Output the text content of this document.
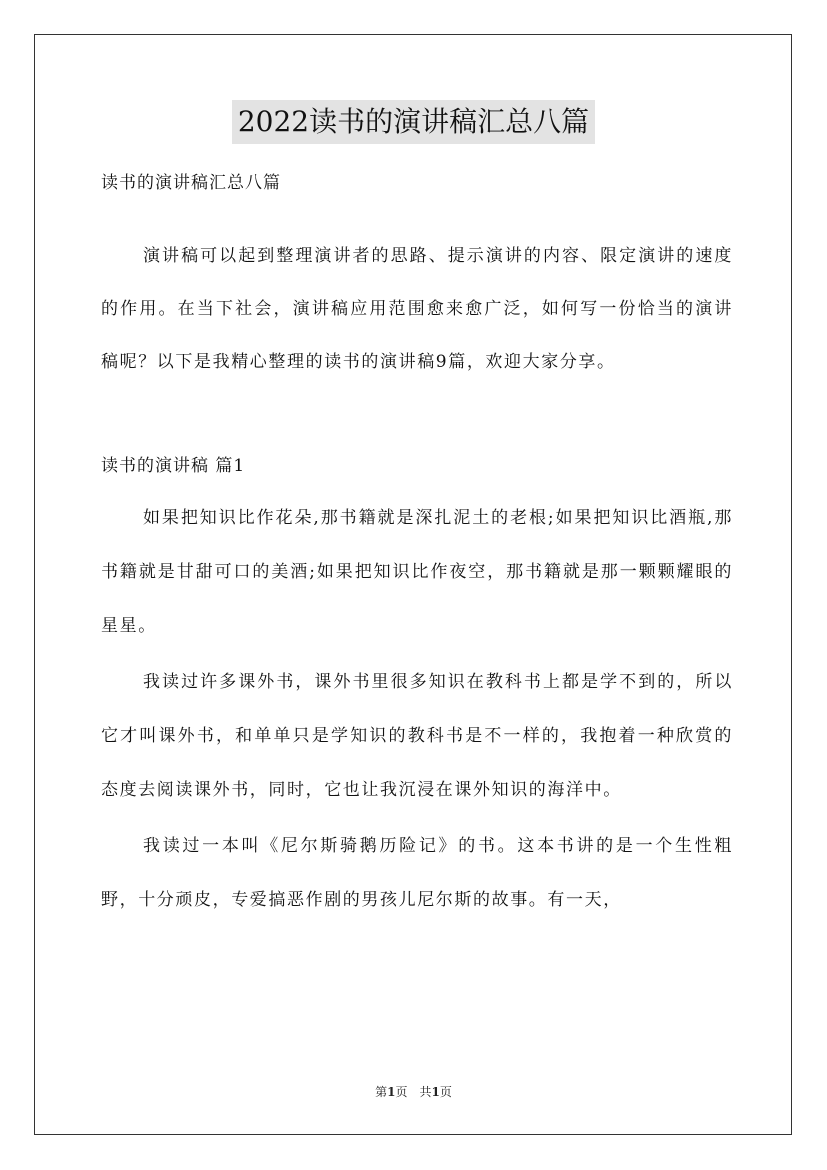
2022读书的演讲稿汇总八篇
读书的演讲稿汇总八篇

演讲稿可以起到整理演讲者的思路、提示演讲的内容、限定演讲的速度的作用。在当下社会，演讲稿应用范围愈来愈广泛，如何写一份恰当的演讲稿呢？以下是我精心整理的读书的演讲稿9篇，欢迎大家分享。

读书的演讲稿 篇1

如果把知识比作花朵,那书籍就是深扎泥土的老根;如果把知识比酒瓶,那书籍就是甘甜可口的美酒;如果把知识比作夜空，那书籍就是那一颗颗耀眼的星星。

我读过许多课外书，课外书里很多知识在教科书上都是学不到的，所以它才叫课外书，和单单只是学知识的教科书是不一样的，我抱着一种欣赏的态度去阅读课外书，同时，它也让我沉浸在课外知识的海洋中。

我读过一本叫《尼尔斯骑鹅历险记》的书。这本书讲的是一个生性粗野，十分顽皮，专爱搞恶作剧的男孩儿尼尔斯的故事。有一天，

第1页　共1页
